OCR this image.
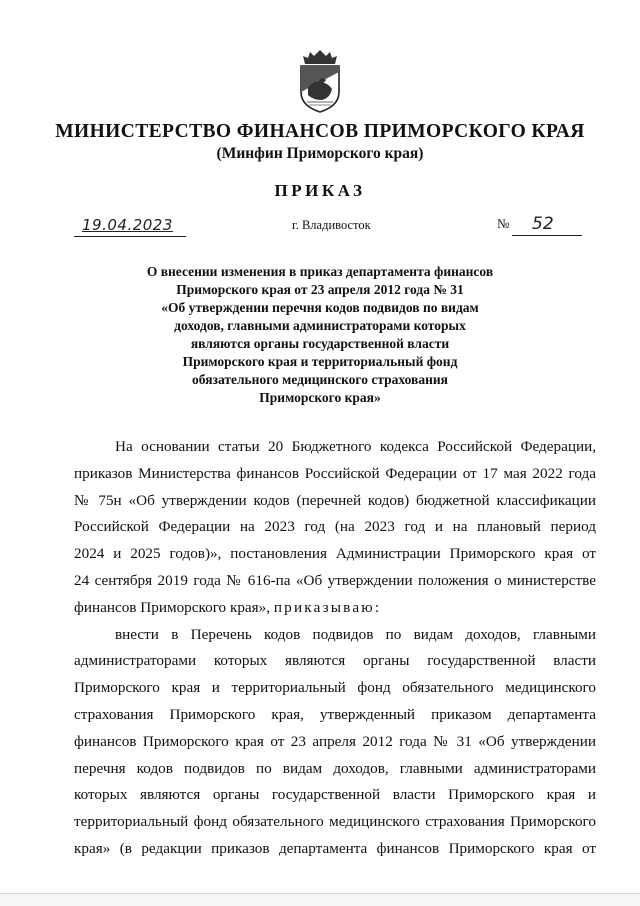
МИНИСТЕРСТВО ФИНАНСОВ ПРИМОРСКОГО КРАЯ
(Минфин Приморского края)
ПРИКАЗ
19.04.2023	г. Владивосток	№ 52
О внесении изменения в приказ департамента финансов
Приморского края от 23 апреля 2012 года № 31
«Об утверждении перечня кодов подвидов по видам
доходов, главными администраторами которых
являются органы государственной власти
Приморского края и территориальный фонд
обязательного медицинского страхования
Приморского края»
На основании статьи 20 Бюджетного кодекса Российской Федерации,
приказов Министерства финансов Российской Федерации от 17 мая 2022 года
№ 75н «Об утверждении кодов (перечней кодов) бюджетной классификации
Российской Федерации на 2023 год (на 2023 год и на плановый период
2024 и 2025 годов)», постановления Администрации Приморского края от
24 сентября 2019 года № 616-па «Об утверждении положения о министерстве
финансов Приморского края», приказываю:
внести в Перечень кодов подвидов по видам доходов, главными
администраторами которых являются органы государственной власти
Приморского края и территориальный фонд обязательного медицинского
страхования Приморского края, утвержденный приказом департамента
финансов Приморского края от 23 апреля 2012 года № 31 «Об утверждении
перечня кодов подвидов по видам доходов, главными администраторами
которых являются органы государственной власти Приморского края и
территориальный фонд обязательного медицинского страхования Приморского
края» (в редакции приказов департамента финансов Приморского края от
